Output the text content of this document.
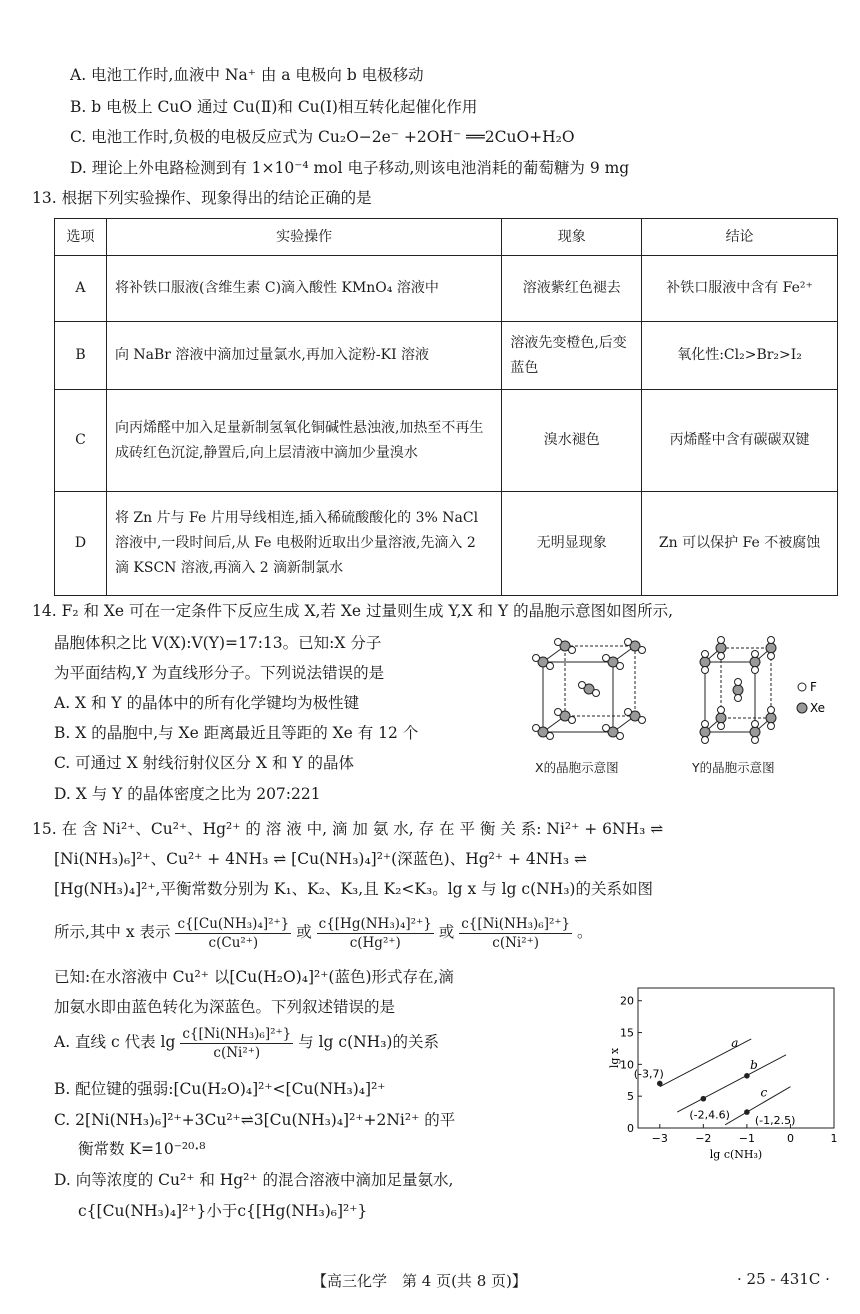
A. 电池工作时,血液中 Na⁺ 由 a 电极向 b 电极移动
B. b 电极上 CuO 通过 Cu(Ⅱ)和 Cu(Ⅰ)相互转化起催化作用
C. 电池工作时,负极的电极反应式为 Cu₂O−2e⁻ +2OH⁻ ══2CuO+H₂O
D. 理论上外电路检测到有 1×10⁻⁴ mol 电子移动,则该电池消耗的葡萄糖为 9 mg
13. 根据下列实验操作、现象得出的结论正确的是
选项	实验操作	现象	结论
A	将补铁口服液(含维生素 C)滴入酸性 KMnO₄ 溶液中	溶液紫红色褪去	补铁口服液中含有 Fe²⁺
B	向 NaBr 溶液中滴加过量氯水,再加入淀粉-KI 溶液	溶液先变橙色,后变蓝色	氧化性:Cl₂>Br₂>I₂
C	向丙烯醛中加入足量新制氢氧化铜碱性悬浊液,加热至不再生成砖红色沉淀,静置后,向上层清液中滴加少量溴水	溴水褪色	丙烯醛中含有碳碳双键
D	将 Zn 片与 Fe 片用导线相连,插入稀硫酸酸化的 3% NaCl 溶液中,一段时间后,从 Fe 电极附近取出少量溶液,先滴入 2 滴 KSCN 溶液,再滴入 2 滴新制氯水	无明显现象	Zn 可以保护 Fe 不被腐蚀
14. F₂ 和 Xe 可在一定条件下反应生成 X,若 Xe 过量则生成 Y,X 和 Y 的晶胞示意图如图所示,
晶胞体积之比 V(X):V(Y)=17:13。已知:X 分子
为平面结构,Y 为直线形分子。下列说法错误的是
A. X 和 Y 的晶体中的所有化学键均为极性键
B. X 的晶胞中,与 Xe 距离最近且等距的 Xe 有 12 个
C. 可通过 X 射线衍射仪区分 X 和 Y 的晶体
D. X 与 Y 的晶体密度之比为 207:221
F
Xe
X的晶胞示意图	Y的晶胞示意图
15. 在 含 Ni²⁺、Cu²⁺、Hg²⁺ 的 溶 液 中, 滴 加 氨 水, 存 在 平 衡 关 系: Ni²⁺ + 6NH₃ ⇌
[Ni(NH₃)₆]²⁺、Cu²⁺ + 4NH₃ ⇌ [Cu(NH₃)₄]²⁺(深蓝色)、Hg²⁺ + 4NH₃ ⇌
[Hg(NH₃)₄]²⁺,平衡常数分别为 K₁、K₂、K₃,且 K₂<K₃。lg x 与 lg c(NH₃)的关系如图
所示,其中 x 表示 $\frac{\text{c\{[Cu(NH₃)₄]²⁺\}}}{\text{c(Cu²⁺)}}$ 或 $\frac{\text{c\{[Hg(NH₃)₄]²⁺\}}}{\text{c(Hg²⁺)}}$ 或 $\frac{\text{c\{[Ni(NH₃)₆]²⁺\}}}{\text{c(Ni²⁺)}}$ 。
已知:在水溶液中 Cu²⁺ 以[Cu(H₂O)₄]²⁺(蓝色)形式存在,滴
加氨水即由蓝色转化为深蓝色。下列叙述错误的是
A. 直线 c 代表 $\lg \frac{\text{c\{[Ni(NH₃)₆]²⁺\}}}{\text{c(Ni²⁺)}}$ 与 lg c(NH₃)的关系
B. 配位键的强弱:[Cu(H₂O)₄]²⁺<[Cu(NH₃)₄]²⁺
C. 2[Ni(NH₃)₆]²⁺+3Cu²⁺⇌3[Cu(NH₃)₄]²⁺+2Ni²⁺ 的平
衡常数 K=10⁻²⁰·⁸
D. 向等浓度的 Cu²⁺ 和 Hg²⁺ 的混合溶液中滴加足量氨水,
c{[Cu(NH₃)₄]²⁺}小于c{[Hg(NH₃)₆]²⁺}
−3 −2 −1	0	1
0
5
10
15
20
lg c(NH₃)
lg x
a
b
c
(-3,7)
(-2,4.6) (-1,2.5)
【高三化学　第 4 页(共 8 页)】	· 25 - 431C ·
